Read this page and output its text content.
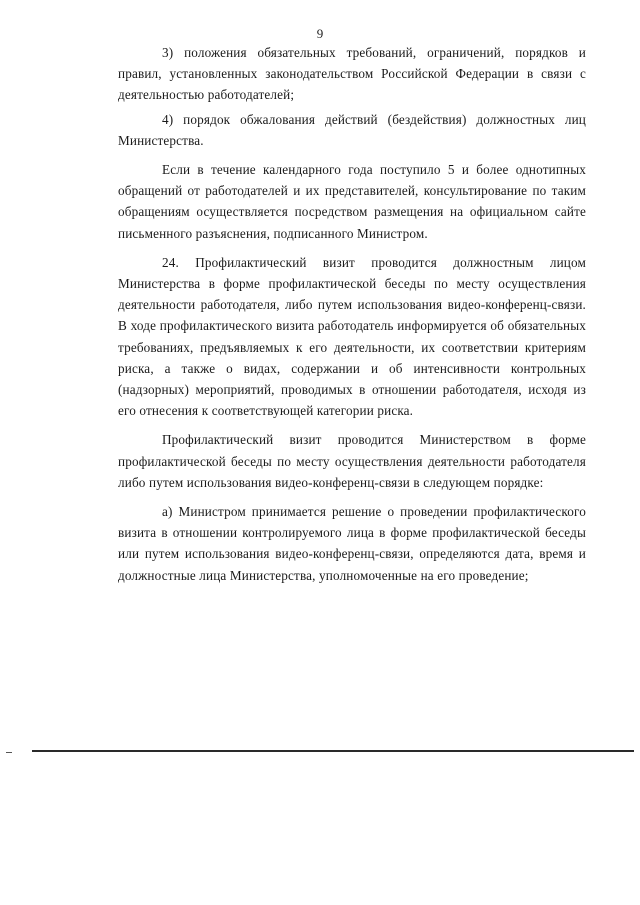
9

3) положения обязательных требований, ограничений, порядков и правил, установленных законодательством Российской Федерации в связи с деятельностью работодателей;

4) порядок обжалования действий (бездействия) должностных лиц Министерства.

Если в течение календарного года поступило 5 и более однотипных обращений от работодателей и их представителей, консультирование по таким обращениям осуществляется посредством размещения на официальном сайте письменного разъяснения, подписанного Министром.

24. Профилактический визит проводится должностным лицом Министерства в форме профилактической беседы по месту осуществления деятельности работодателя, либо путем использования видео-конференц-связи. В ходе профилактического визита работодатель информируется об обязательных требованиях, предъявляемых к его деятельности, их соответствии критериям риска, а также о видах, содержании и об интенсивности контрольных (надзорных) мероприятий, проводимых в отношении работодателя, исходя из его отнесения к соответствующей категории риска.

Профилактический визит проводится Министерством в форме профилактической беседы по месту осуществления деятельности работодателя либо путем использования видео-конференц-связи в следующем порядке:

а) Министром принимается решение о проведении профилактического визита в отношении контролируемого лица в форме профилактической беседы или путем использования видео-конференц-связи, определяются дата, время и должностные лица Министерства, уполномоченные на его проведение;
